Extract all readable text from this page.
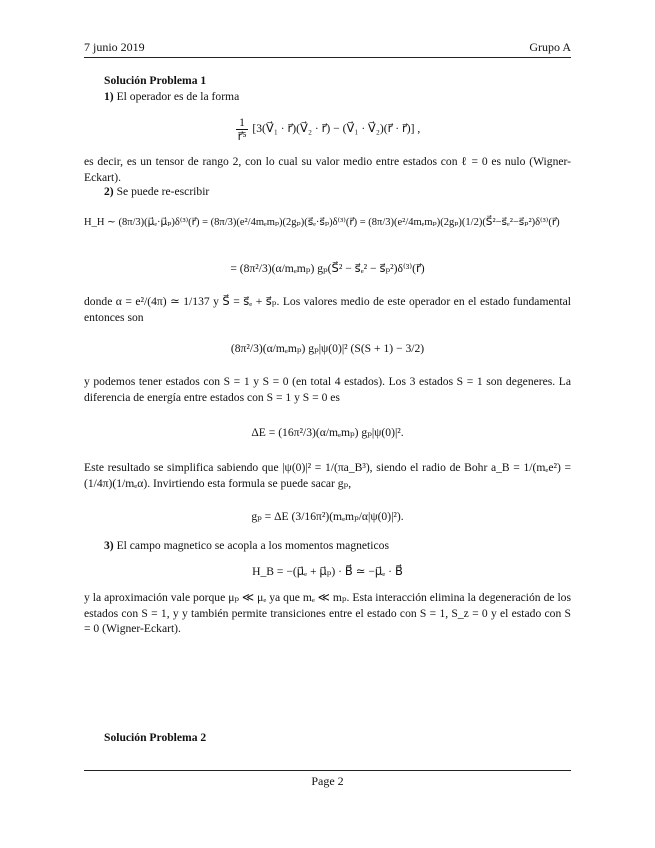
7 junio 2019	Grupo A
Solución Problema 1
1) El operador es de la forma
$\frac{1}{\text{r⃗⁵}}$ [3(V⃗₁ · r⃗)(V⃗₂ · r⃗) − (V⃗₁ · V⃗₂)(r⃗ · r⃗)] ,
es decir, es un tensor de rango 2, con lo cual su valor medio entre estados con ℓ = 0 es nulo (Wigner-Eckart).
2) Se puede re-escribir
H_H ∼ (8π/3)(μ⃗ₑ·μ⃗ₚ)δ⁽³⁾(r⃗) = (8π/3)(e²/4mₑmₚ)(2gₚ)(s⃗ₑ·s⃗ₚ)δ⁽³⁾(r⃗) = (8π/3)(e²/4mₑmₚ)(2gₚ)(1/2)(S⃗²−s⃗ₑ²−s⃗ₚ²)δ⁽³⁾(r⃗)
= (8π²/3)(α/mₑmₚ) gₚ(S⃗² − s⃗ₑ² − s⃗ₚ²)δ⁽³⁾(r⃗)
donde α = e²/(4π) ≃ 1/137 y S⃗ = s⃗ₑ + s⃗ₚ. Los valores medio de este operador en el estado fundamental entonces son
(8π²/3)(α/mₑmₚ) gₚ|ψ(0)|² (S(S + 1) − 3/2)
y podemos tener estados con S = 1 y S = 0 (en total 4 estados). Los 3 estados S = 1 son degeneres. La diferencia de energía entre estados con S = 1 y S = 0 es
ΔE = (16π²/3)(α/mₑmₚ) gₚ|ψ(0)|².
Este resultado se simplifica sabiendo que |ψ(0)|² = 1/(πa_B³), siendo el radio de Bohr a_B = 1/(mₑe²) = (1/4π)(1/mₑα). Invirtiendo esta formula se puede sacar gₚ,
gₚ = ΔE (3/16π²)(mₑmₚ/α|ψ(0)|²).
3) El campo magnetico se acopla a los momentos magneticos
H_B = −(μ⃗ₑ + μ⃗ₚ) · B⃗ ≃ −μ⃗ₑ · B⃗
y la aproximación vale porque μₚ ≪ μₑ ya que mₑ ≪ mₚ. Esta interacción elimina la degeneración de los estados con S = 1, y y también permite transiciones entre el estado con S = 1, S_z = 0 y el estado con S = 0 (Wigner-Eckart).
Solución Problema 2
Page 2
